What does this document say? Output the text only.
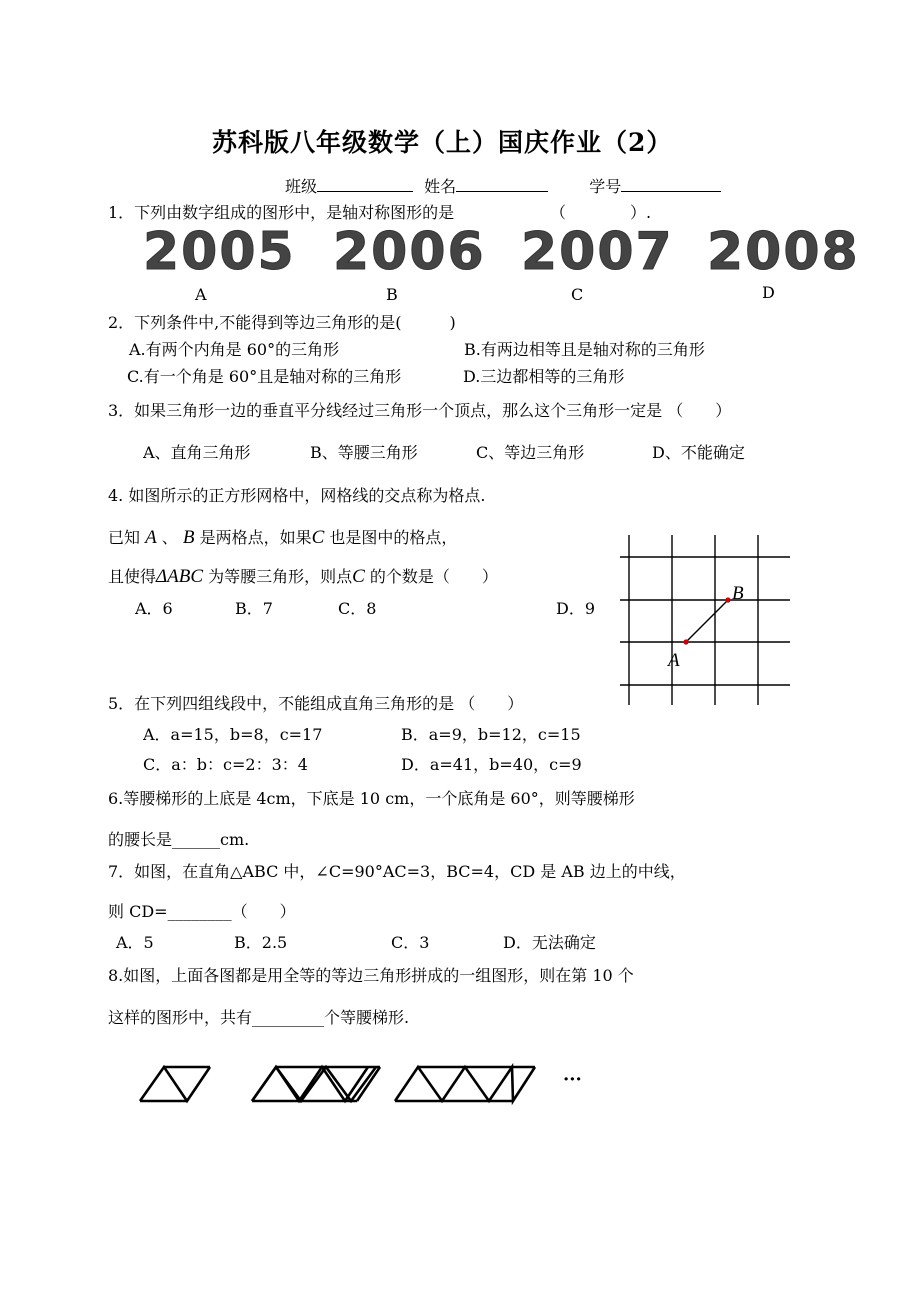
苏科版八年级数学（上）国庆作业（2）
班级	姓名	学号
1．下列由数字组成的图形中，是轴对称图形的是	（　　　　）.
2005 2006 2007 2008
A	B	C	D
2．下列条件中,不能得到等边三角形的是(　　　)
A.有两个内角是 60°的三角形	B.有两边相等且是轴对称的三角形
C.有一个角是 60°且是轴对称的三角形	D.三边都相等的三角形
3．如果三角形一边的垂直平分线经过三角形一个顶点，那么这个三角形一定是 （　　）
A、直角三角形	B、等腰三角形	C、等边三角形	D、不能确定
4. 如图所示的正方形网格中，网格线的交点称为格点.
已知 A 、 B 是两格点，如果C 也是图中的格点，
且使得ΔABC 为等腰三角形，则点C 的个数是（　　）
A．6	B．7	C．8	D．9
A
B
5．在下列四组线段中，不能组成直角三角形的是 （　　）
A．a=15，b=8，c=17	B．a=9，b=12，c=15
C．a：b：c=2：3：4	D．a=41，b=40，c=9
6.等腰梯形的上底是 4cm，下底是 10 cm，一个底角是 60°，则等腰梯形
的腰长是______cm.
7．如图，在直角△ABC 中，∠C=90°AC=3，BC=4，CD 是 AB 边上的中线，
则 CD=________（　　）
A．5	B．2.5	C．3	D．无法确定
8.如图，上面各图都是用全等的等边三角形拼成的一组图形，则在第 10 个
这样的图形中，共有_________个等腰梯形.
···
